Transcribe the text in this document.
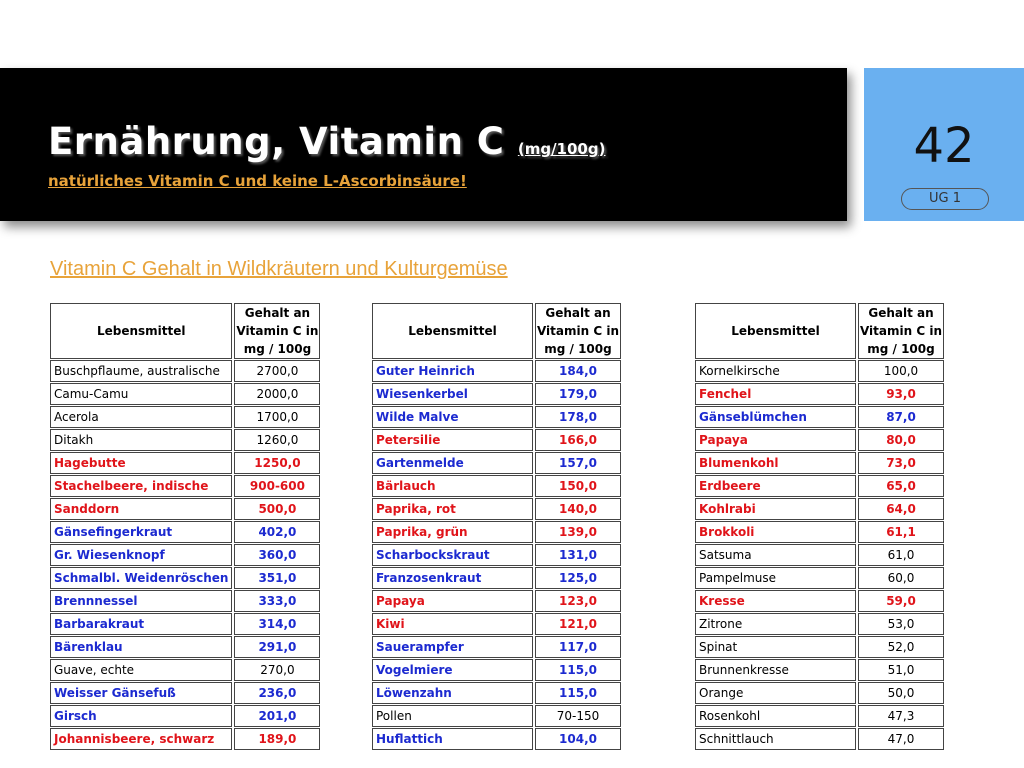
Ernährung, Vitamin C (mg/100g)
natürliches Vitamin C und keine L-Ascorbinsäure!
42
UG 1
Vitamin C Gehalt in Wildkräutern und Kulturgemüse
Lebensmittel	Gehalt an Vitamin C in mg / 100g
Buschpflaume, australische	2700,0
Camu-Camu	2000,0
Acerola	1700,0
Ditakh	1260,0
Hagebutte	1250,0
Stachelbeere, indische	900-600
Sanddorn	500,0
Gänsefingerkraut	402,0
Gr. Wiesenknopf	360,0
Schmalbl. Weidenröschen	351,0
Brennnessel	333,0
Barbarakraut	314,0
Bärenklau	291,0
Guave, echte	270,0
Weisser Gänsefuß	236,0
Girsch	201,0
Johannisbeere, schwarz	189,0
Lebensmittel	Gehalt an Vitamin C in mg / 100g
Guter Heinrich	184,0
Wiesenkerbel	179,0
Wilde Malve	178,0
Petersilie	166,0
Gartenmelde	157,0
Bärlauch	150,0
Paprika, rot	140,0
Paprika, grün	139,0
Scharbockskraut	131,0
Franzosenkraut	125,0
Papaya	123,0
Kiwi	121,0
Sauerampfer	117,0
Vogelmiere	115,0
Löwenzahn	115,0
Pollen	70-150
Huflattich	104,0
Lebensmittel	Gehalt an Vitamin C in mg / 100g
Kornelkirsche	100,0
Fenchel	93,0
Gänseblümchen	87,0
Papaya	80,0
Blumenkohl	73,0
Erdbeere	65,0
Kohlrabi	64,0
Brokkoli	61,1
Satsuma	61,0
Pampelmuse	60,0
Kresse	59,0
Zitrone	53,0
Spinat	52,0
Brunnenkresse	51,0
Orange	50,0
Rosenkohl	47,3
Schnittlauch	47,0
